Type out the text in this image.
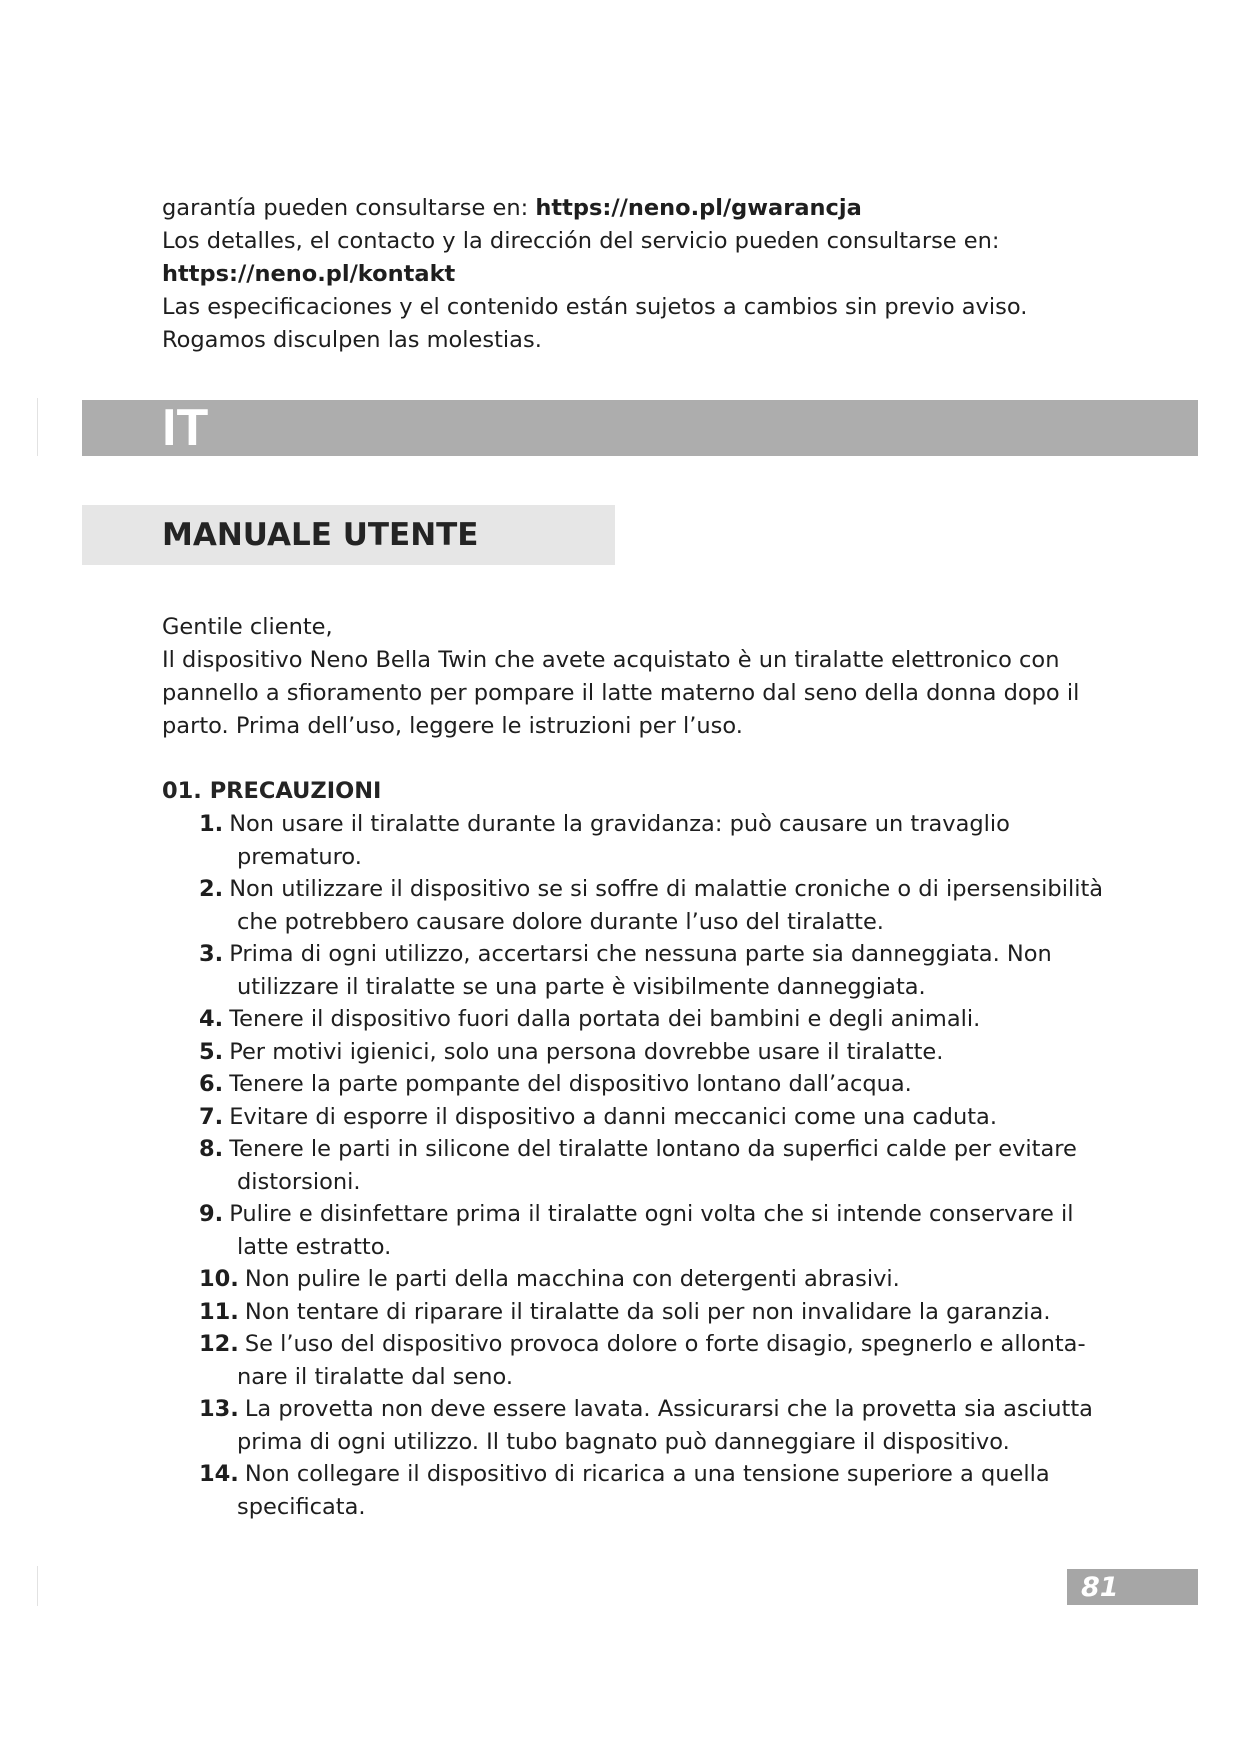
garantía pueden consultarse en: https://neno.pl/gwarancja

Los detalles, el contacto y la dirección del servicio pueden consultarse en:

https://neno.pl/kontakt

Las especificaciones y el contenido están sujetos a cambios sin previo aviso.

Rogamos disculpen las molestias.

IT
MANUALE UTENTE

Gentile cliente,

Il dispositivo Neno Bella Twin che avete acquistato è un tiralatte elettronico con

pannello a sfioramento per pompare il latte materno dal seno della donna dopo il

parto. Prima dell’uso, leggere le istruzioni per l’uso.

01. PRECAUZIONI
1. Non usare il tiralatte durante la gravidanza: può causare un travaglio
prematuro.
2. Non utilizzare il dispositivo se si soffre di malattie croniche o di ipersensibilità
che potrebbero causare dolore durante l’uso del tiralatte.
3. Prima di ogni utilizzo, accertarsi che nessuna parte sia danneggiata. Non
utilizzare il tiralatte se una parte è visibilmente danneggiata.
4. Tenere il dispositivo fuori dalla portata dei bambini e degli animali.
5. Per motivi igienici, solo una persona dovrebbe usare il tiralatte.
6. Tenere la parte pompante del dispositivo lontano dall’acqua.
7. Evitare di esporre il dispositivo a danni meccanici come una caduta.
8. Tenere le parti in silicone del tiralatte lontano da superfici calde per evitare
distorsioni.
9. Pulire e disinfettare prima il tiralatte ogni volta che si intende conservare il
latte estratto.
10. Non pulire le parti della macchina con detergenti abrasivi.
11. Non tentare di riparare il tiralatte da soli per non invalidare la garanzia.
12. Se l’uso del dispositivo provoca dolore o forte disagio, spegnerlo e allonta-
nare il tiralatte dal seno.
13. La provetta non deve essere lavata. Assicurarsi che la provetta sia asciutta
prima di ogni utilizzo. Il tubo bagnato può danneggiare il dispositivo.
14. Non collegare il dispositivo di ricarica a una tensione superiore a quella
specificata.
81
